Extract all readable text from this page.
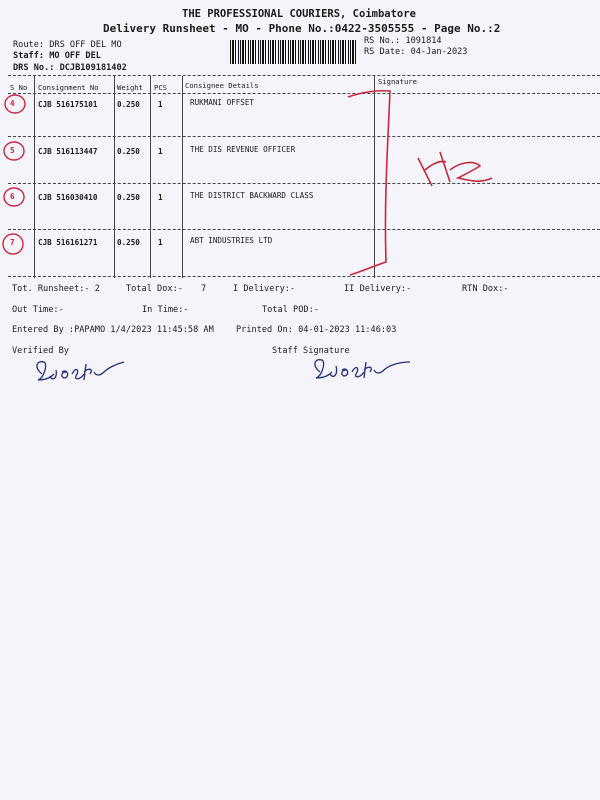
THE PROFESSIONAL COURIERS, Coimbatore
Delivery Runsheet - MO - Phone No.:0422-3505555 - Page No.:2
Route: DRS OFF DEL MO
Staff: MO OFF DEL
DRS No.: DCJB109181402
RS No.: 1091814
RS Date: 04-Jan-2023
S No Consignment No	Weight PCS	Consignee Details	Signature
4	CJB 516175101	0.250 1	RUKMANI OFFSET
5	CJB 516113447	0.250 1	THE DIS REVENUE OFFICER
6	CJB 516030410	0.250 1	THE DISTRICT BACKWARD CLASS
7	CJB 516161271	0.250 1	ABT INDUSTRIES LTD
Tot. Runsheet:- 2	Total Dox:- 7	I Delivery:-	II Delivery:-	RTN Dox:-
Out Time:-	In Time:-	Total POD:-
Entered By :PAPAMO 1/4/2023 11:45:58 AM	Printed On: 04-01-2023 11:46:03
Verified By	Staff Signature
